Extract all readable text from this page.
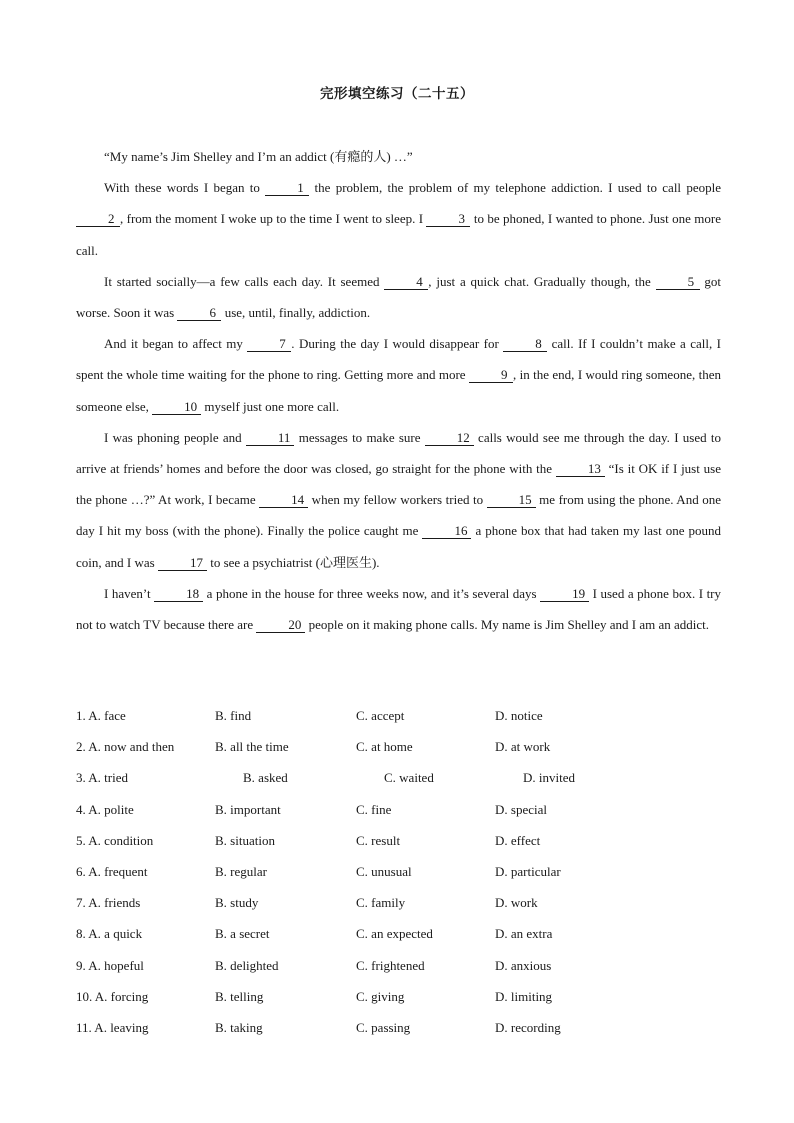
完形填空练习（二十五）

“My name’s Jim Shelley and I’m an addict (有瘾的人) …”

With these words I began to 1 the problem, the problem of my telephone addiction. I used to call people 2 , from the moment I woke up to the time I went to sleep. I 3 to be phoned, I wanted to phone. Just one more call.

It started socially—a few calls each day. It seemed 4 , just a quick chat. Gradually though, the 5 got worse. Soon it was 6 use, until, finally, addiction.

And it began to affect my 7 . During the day I would disappear for 8 call. If I couldn’t make a call, I spent the whole time waiting for the phone to ring. Getting more and more 9 , in the end, I would ring someone, then someone else, 10 myself just one more call.

I was phoning people and 11 messages to make sure 12 calls would see me through the day. I used to arrive at friends’ homes and before the door was closed, go straight for the phone with the 13 “Is it OK if I just use the phone …?” At work, I became 14 when my fellow workers tried to 15 me from using the phone. And one day I hit my boss (with the phone). Finally the police caught me 16 a phone box that had taken my last one pound coin, and I was 17 to see a psychiatrist (心理医生).

I haven’t 18 a phone in the house for three weeks now, and it’s several days 19 I used a phone box. I try not to watch TV because there are 20 people on it making phone calls. My name is Jim Shelley and I am an addict.

1. A. face	B. find	C. accept	D. notice
2. A. now and then	B. all the time	C. at home	D. at work
3. A. tried	B. asked	C. waited	D. invited
4. A. polite	B. important	C. fine	D. special
5. A. condition	B. situation	C. result	D. effect
6. A. frequent	B. regular	C. unusual	D. particular
7. A. friends	B. study	C. family	D. work
8. A. a quick	B. a secret	C. an expected	D. an extra
9. A. hopeful	B. delighted	C. frightened	D. anxious
10. A. forcing	B. telling	C. giving	D. limiting
11. A. leaving	B. taking	C. passing	D. recording
